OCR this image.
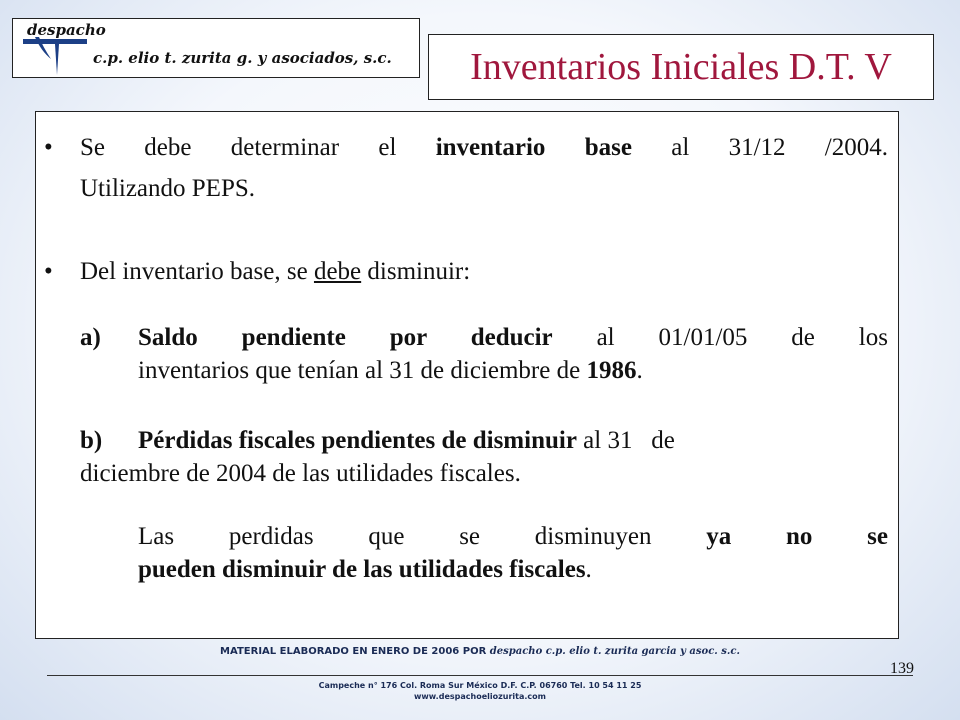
despacho
c.p. elio t. zurita g. y asociados, s.c. Inventarios Iniciales D.T. V
• Se debe determinar el inventario base al 31/12 /2004.
Utilizando PEPS.
• Del inventario base, se debe disminuir:
a)	Saldo pendiente por deducir al 01/01/05 de los
inventarios que tenían al 31 de diciembre de 1986.
b)	Pérdidas fiscales pendientes de disminuir al 31   de
diciembre de 2004 de las utilidades fiscales.
Las perdidas que se disminuyen ya no se
pueden disminuir de las utilidades fiscales.
MATERIAL ELABORADO EN ENERO DE 2006 POR despacho c.p. elio t. zurita garcia y asoc. s.c.
139
Campeche n° 176 Col. Roma Sur México D.F. C.P. 06760 Tel. 10 54 11 25
www.despachoeliozurita.com
